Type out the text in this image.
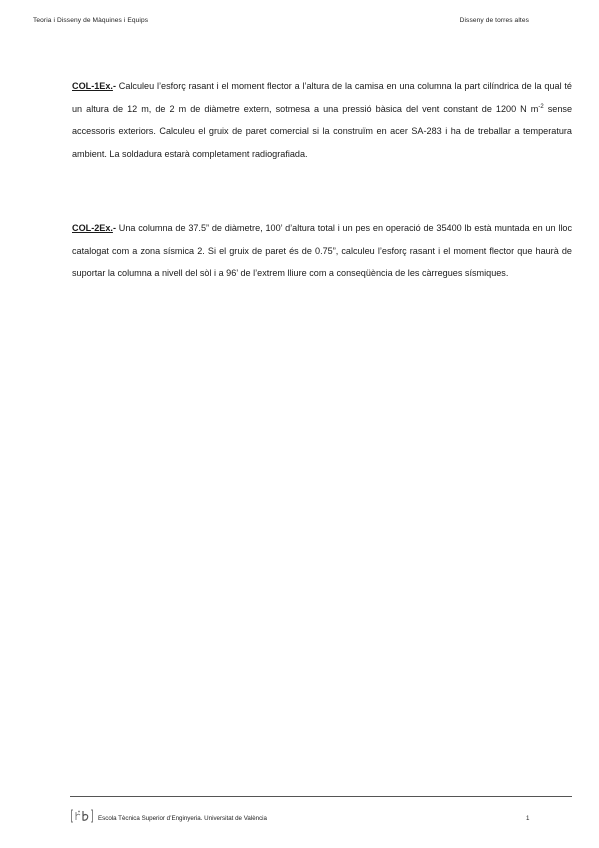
Teoria i Disseny de Màquines i Equips	Disseny de torres altes
COL-1Ex.- Calculeu l’esforç rasant i el moment flector a l’altura de la camisa en una columna la part cilíndrica de la qual té un altura de 12 m, de 2 m de diàmetre extern, sotmesa a una pressió bàsica del vent constant de 1200 N $m^{-2}$ sense accessoris exteriors. Calculeu el gruix de paret comercial si la construïm en acer SA-283 i ha de treballar a temperatura ambient. La soldadura estarà completament radiografiada.
COL-2Ex.- Una columna de 37.5” de diàmetre, 100’ d’altura total i un pes en operació de 35400 lb està muntada en un lloc catalogat com a zona sísmica 2. Si el gruix de paret és de 0.75”, calculeu l’esforç rasant i el moment flector que haurà de suportar la columna a nivell del sòl i a 96’ de l’extrem lliure com a conseqüència de les càrregues sísmiques.
Escola Tècnica Superior d’Enginyeria. Universitat de València	1
